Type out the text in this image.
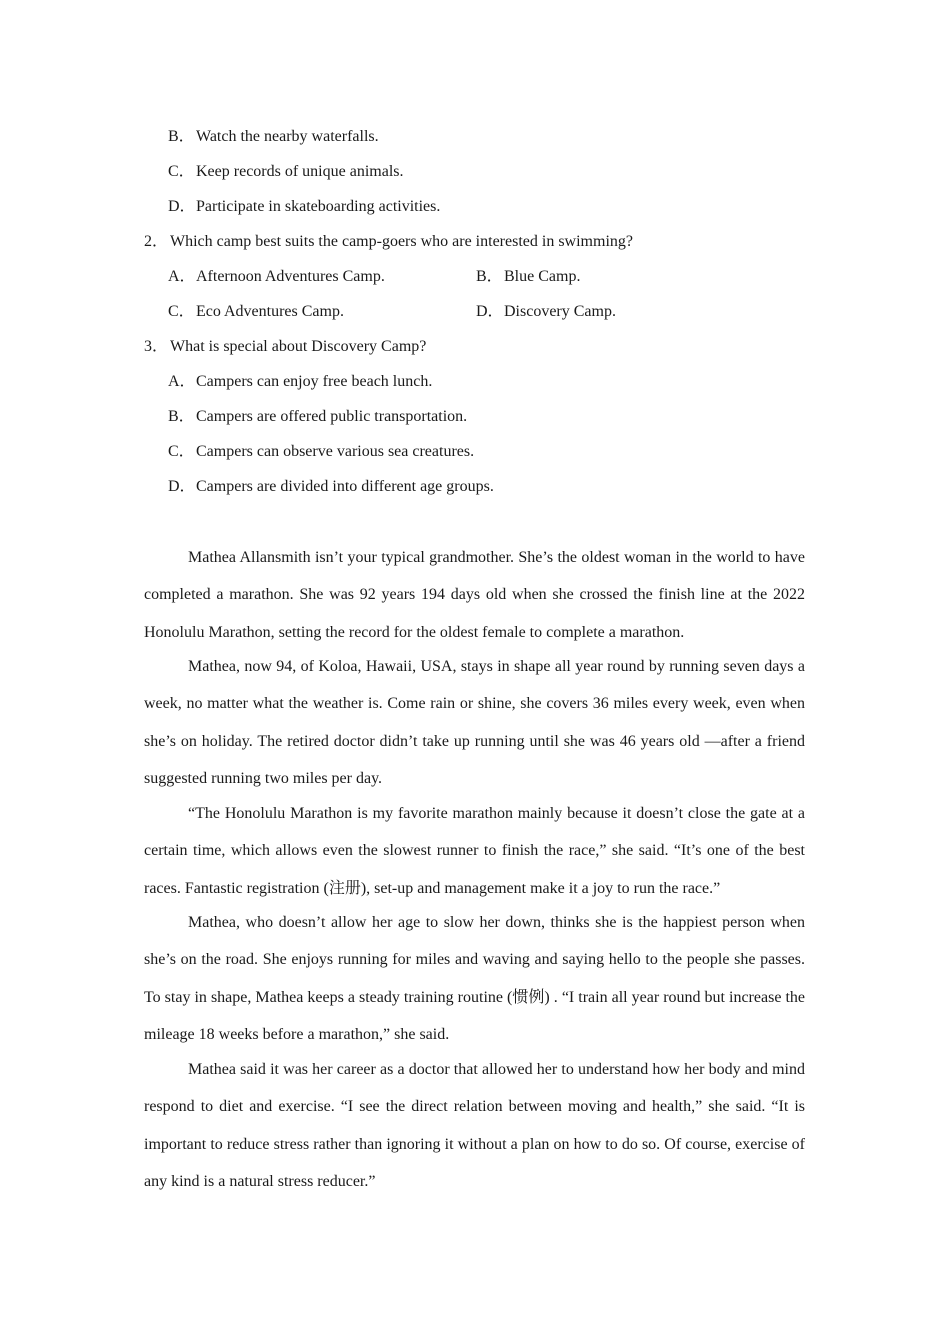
B．Watch the nearby waterfalls.
C．Keep records of unique animals.
D．Participate in skateboarding activities.
2． Which camp best suits the camp-goers who are interested in swimming?
A．Afternoon Adventures Camp.	B．Blue Camp.
C．Eco Adventures Camp.	D．Discovery Camp.
3． What is special about Discovery Camp?
A．Campers can enjoy free beach lunch.
B．Campers are offered public transportation.
C．Campers can observe various sea creatures.
D．Campers are divided into different age groups.

Mathea Allansmith isn’t your typical grandmother. She’s the oldest woman in the world to have completed a marathon. She was 92 years 194 days old when she crossed the finish line at the 2022 Honolulu Marathon, setting the record for the oldest female to complete a marathon.

Mathea, now 94, of Koloa, Hawaii, USA, stays in shape all year round by running seven days a week, no matter what the weather is. Come rain or shine, she covers 36 miles every week, even when she’s on holiday. The retired doctor didn’t take up running until she was 46 years old —after a friend suggested running two miles per day.

“The Honolulu Marathon is my favorite marathon mainly because it doesn’t close the gate at a certain time, which allows even the slowest runner to finish the race,” she said. “It’s one of the best races. Fantastic registration (注册), set-up and management make it a joy to run the race.”

Mathea, who doesn’t allow her age to slow her down, thinks she is the happiest person when she’s on the road. She enjoys running for miles and waving and saying hello to the people she passes. To stay in shape, Mathea keeps a steady training routine (惯例) . “I train all year round but increase the mileage 18 weeks before a marathon,” she said.

Mathea said it was her career as a doctor that allowed her to understand how her body and mind respond to diet and exercise. “I see the direct relation between moving and health,” she said. “It is important to reduce stress rather than ignoring it without a plan on how to do so. Of course, exercise of any kind is a natural stress reducer.”
